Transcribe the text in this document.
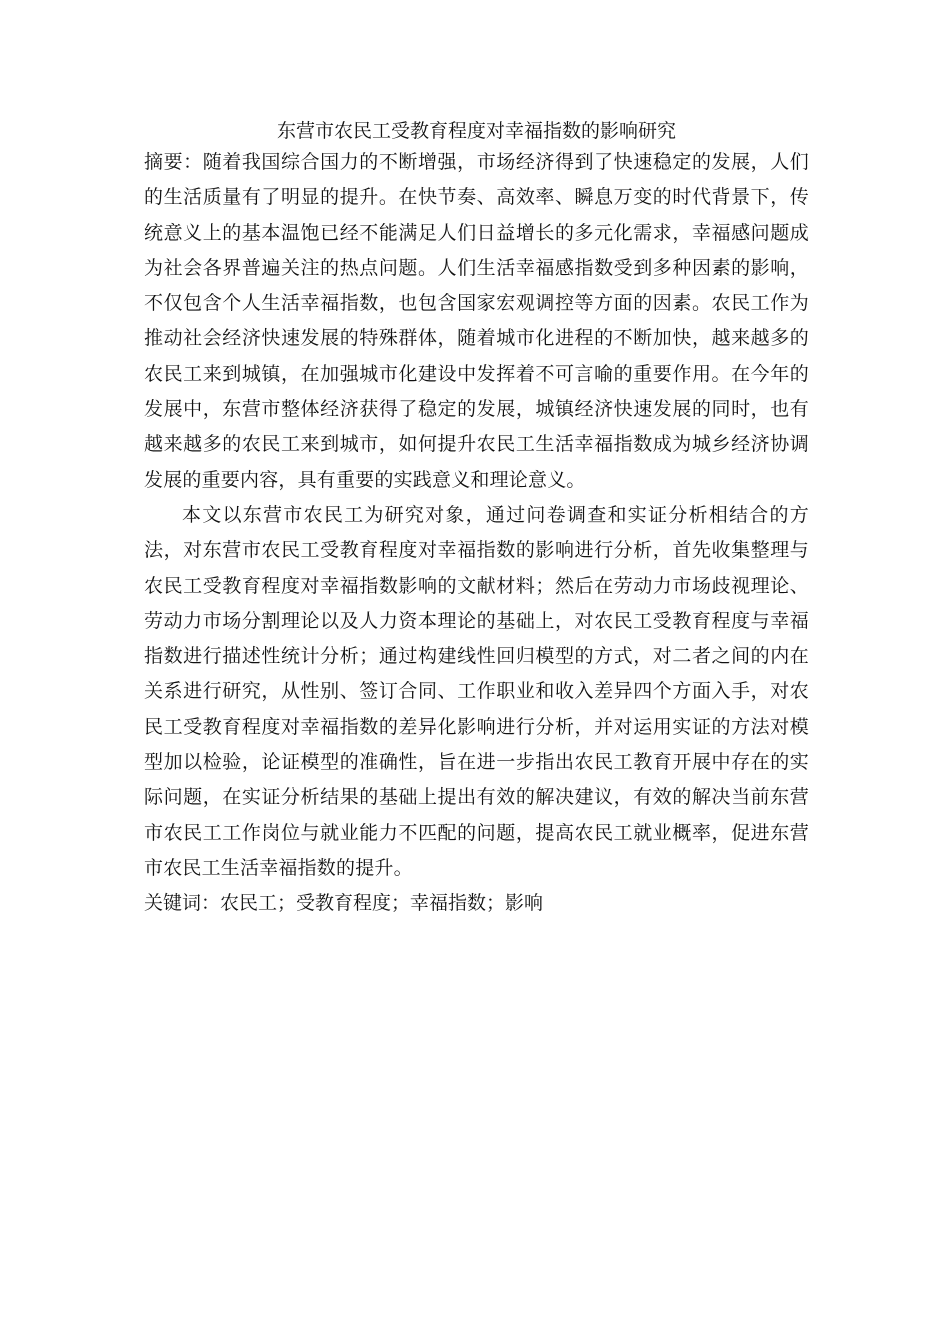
东营市农民工受教育程度对幸福指数的影响研究

摘要：随着我国综合国力的不断增强，市场经济得到了快速稳定的发展，人们的生活质量有了明显的提升。在快节奏、高效率、瞬息万变的时代背景下，传统意义上的基本温饱已经不能满足人们日益增长的多元化需求，幸福感问题成为社会各界普遍关注的热点问题。人们生活幸福感指数受到多种因素的影响，不仅包含个人生活幸福指数，也包含国家宏观调控等方面的因素。农民工作为推动社会经济快速发展的特殊群体，随着城市化进程的不断加快，越来越多的农民工来到城镇，在加强城市化建设中发挥着不可言喻的重要作用。在今年的发展中，东营市整体经济获得了稳定的发展，城镇经济快速发展的同时，也有越来越多的农民工来到城市，如何提升农民工生活幸福指数成为城乡经济协调发展的重要内容，具有重要的实践意义和理论意义。

本文以东营市农民工为研究对象，通过问卷调查和实证分析相结合的方法，对东营市农民工受教育程度对幸福指数的影响进行分析，首先收集整理与农民工受教育程度对幸福指数影响的文献材料；然后在劳动力市场歧视理论、劳动力市场分割理论以及人力资本理论的基础上，对农民工受教育程度与幸福指数进行描述性统计分析；通过构建线性回归模型的方式，对二者之间的内在关系进行研究，从性别、签订合同、工作职业和收入差异四个方面入手，对农民工受教育程度对幸福指数的差异化影响进行分析，并对运用实证的方法对模型加以检验，论证模型的准确性，旨在进一步指出农民工教育开展中存在的实际问题，在实证分析结果的基础上提出有效的解决建议，有效的解决当前东营市农民工工作岗位与就业能力不匹配的问题，提高农民工就业概率，促进东营市农民工生活幸福指数的提升。

关键词：农民工；受教育程度；幸福指数；影响
